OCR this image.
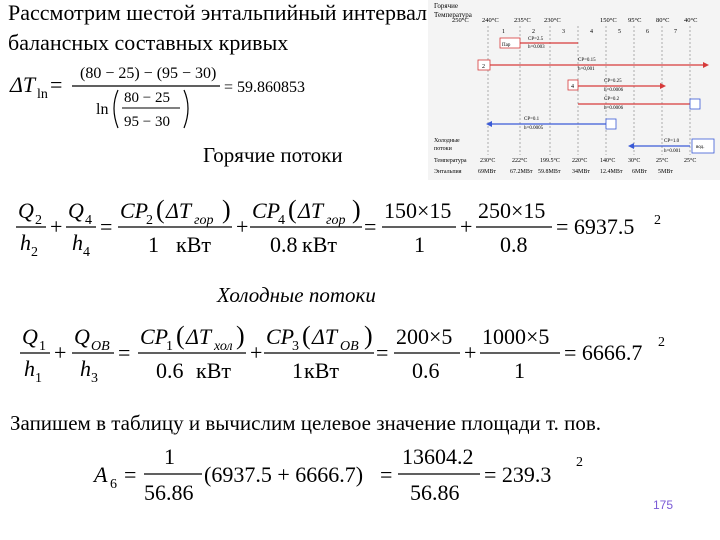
Рассмотрим шестой энтальпийный интервал
балансных составных кривых
Горячие
Температура
250°C 240°C 235°C 230°C	150°C 95°C 80°C 40°C
1	2	3	4	5	6	7
Пар
CP=2.5
h=0.003
2
CP=0.15
h=0,001
4
CP=0.25
h=0.0006
CP=0.2
h=0.0006
CP=0.1
h=0.0005
Холодные
потоки	вод.
CP=1.0
h=0.001
Температура
Энтальпия
230°C	222°C 199.5°C 220°C 140°C 30°C	25°C	25°C
69МВт 67.2МВт 59.8МВт 34МВт 12.4МВт 6МВт 5МВт
ΔT ln = (80 − 25) − (95 − 30)
ln
80 − 25
95 − 30
= 59.860853
Горячие потоки
Q 2
h 2
+
Q 4
h 4
=
CP
2 ( ΔT гор )
1 кВт
+
CP
4 ( ΔT гор )
0.8 кВт
=
150×15
1
+
250×15
0.8
= 6937.5 2
Холодные потоки
Q 1
h 1
+
Q OB
h 3
=
CP
1 ( ΔT хол )
0.6 кВт
+
CP
3 ( ΔT OB )
1 кВт
=
200×5
0.6
+
1000×5
1
= 6666.7 2
Запишем в таблицу и вычислим целевое значение площади т. пов.
A 6 =
1
56.86
(6937.5 + 6666.7) =
13604.2
56.86
= 239.3 2
175
